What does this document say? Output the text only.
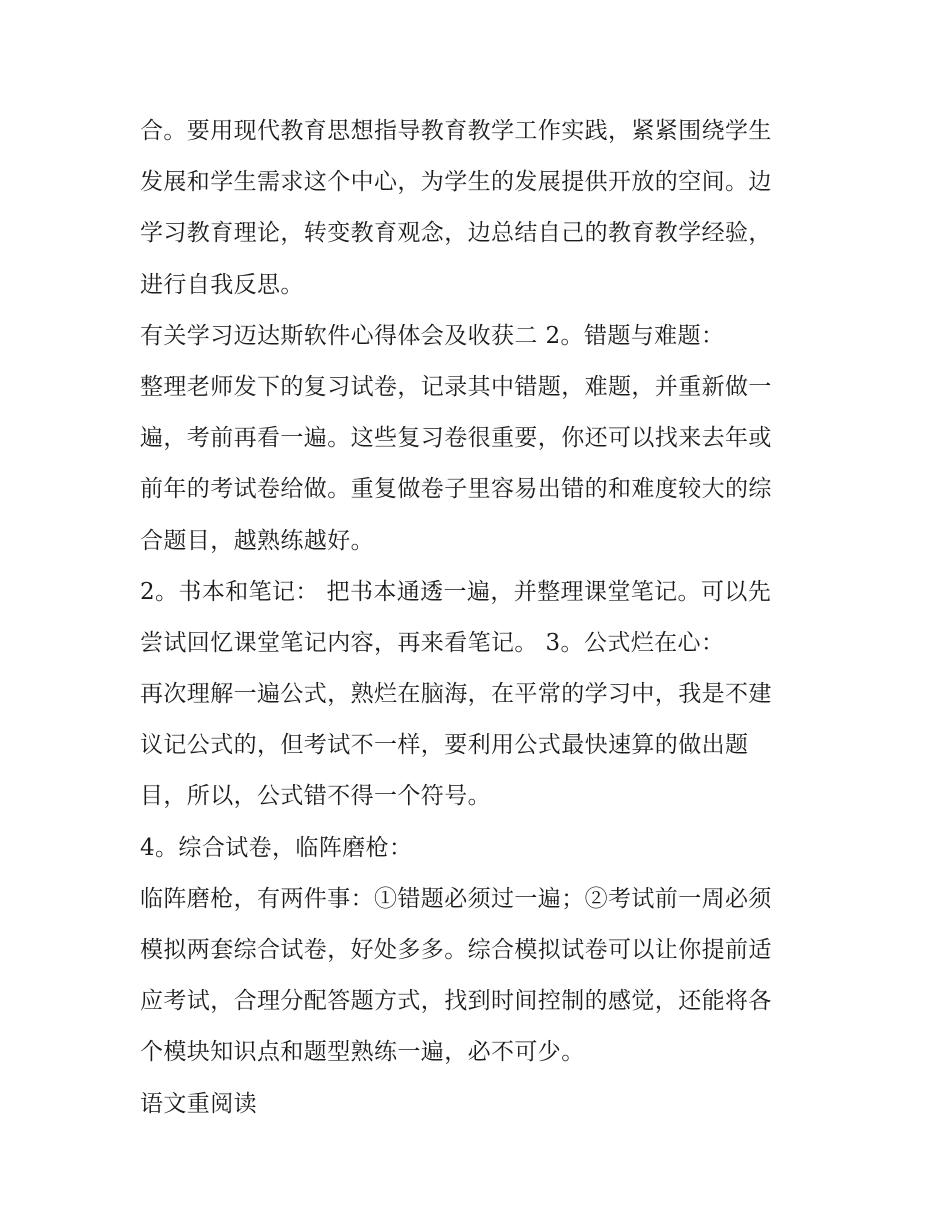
合。要用现代教育思想指导教育教学工作实践，紧紧围绕学生
发展和学生需求这个中心，为学生的发展提供开放的空间。边
学习教育理论，转变教育观念，边总结自己的教育教学经验，
进行自我反思。
有关学习迈达斯软件心得体会及收获二 2。错题与难题：
整理老师发下的复习试卷，记录其中错题，难题，并重新做一
遍，考前再看一遍。这些复习卷很重要，你还可以找来去年或
前年的考试卷给做。重复做卷子里容易出错的和难度较大的综
合题目，越熟练越好。
2。书本和笔记： 把书本通透一遍，并整理课堂笔记。可以先
尝试回忆课堂笔记内容，再来看笔记。 3。公式烂在心：
再次理解一遍公式，熟烂在脑海，在平常的学习中，我是不建
议记公式的，但考试不一样，要利用公式最快速算的做出题
目，所以，公式错不得一个符号。
4。综合试卷，临阵磨枪：
临阵磨枪，有两件事：①错题必须过一遍；②考试前一周必须
模拟两套综合试卷，好处多多。综合模拟试卷可以让你提前适
应考试，合理分配答题方式，找到时间控制的感觉，还能将各
个模块知识点和题型熟练一遍，必不可少。
语文重阅读
